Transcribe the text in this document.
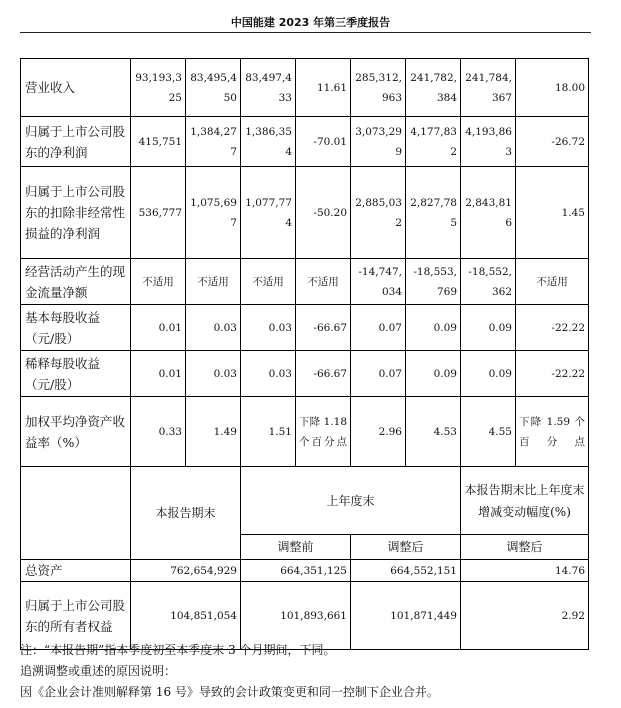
中国能建 2023 年第三季度报告
营业收入	93,193,325	83,495,450	83,497,433	11.61	285,312,963	241,782,384	241,784,367	18.00
归属于上市公司股东的净利润	415,751	1,384,277	1,386,354	-70.01	3,073,299	4,177,832	4,193,863	-26.72
归属于上市公司股东的扣除非经常性损益的净利润	536,777	1,075,697	1,077,774	-50.20	2,885,032	2,827,785	2,843,816	1.45
经营活动产生的现金流量净额	不适用	不适用	不适用	不适用	-14,747,034	-18,553,769	-18,552,362	不适用
基本每股收益（元/股）	0.01	0.03	0.03	-66.67	0.07	0.09	0.09	-22.22
稀释每股收益（元/股）	0.01	0.03	0.03	-66.67	0.07	0.09	0.09	-22.22
加权平均净资产收益率（%）	0.33	1.49	1.51	下降 1.18 个百分点	2.96	4.53	4.55	下降 1.59 个百分点
	本报告期末		上年度末				本报告期末比上年度末增减变动幅度(%)	
			调整前		调整后		调整后	
总资产	762,654,929		664,351,125		664,552,151		14.76	
归属于上市公司股东的所有者权益	104,851,054		101,893,661		101,871,449		2.92	
注：“本报告期”指本季度初至本季度末 3 个月期间，下同。
追溯调整或重述的原因说明：
因《企业会计准则解释第 16 号》导致的会计政策变更和同一控制下企业合并。
